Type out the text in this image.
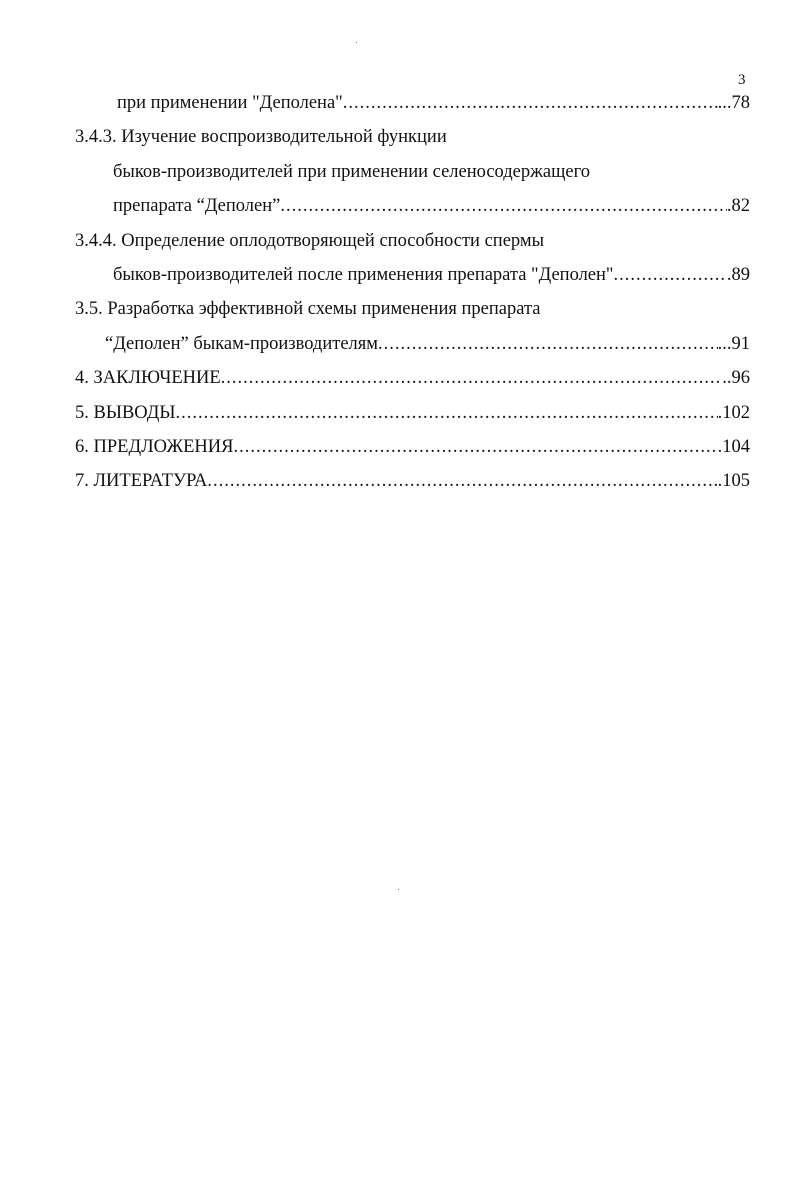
3
при применении "Деполена" .....	...78
3.4.3. Изучение воспроизводительной функции
быков-производителей при применении селеносодержащего
препарата “Деполен” .....	.82
3.4.4. Определение оплодотворяющей способности спермы
быков-производителей после применения препарата "Деполен" .....	.89
3.5. Разработка эффективной схемы применения препарата
“Деполен” быкам-производителям .....	...91
4. ЗАКЛЮЧЕНИЕ .....	..96
5. ВЫВОДЫ .....	.102
6. ПРЕДЛОЖЕНИЯ .....	.104
7. ЛИТЕРАТУРА .....	.105
